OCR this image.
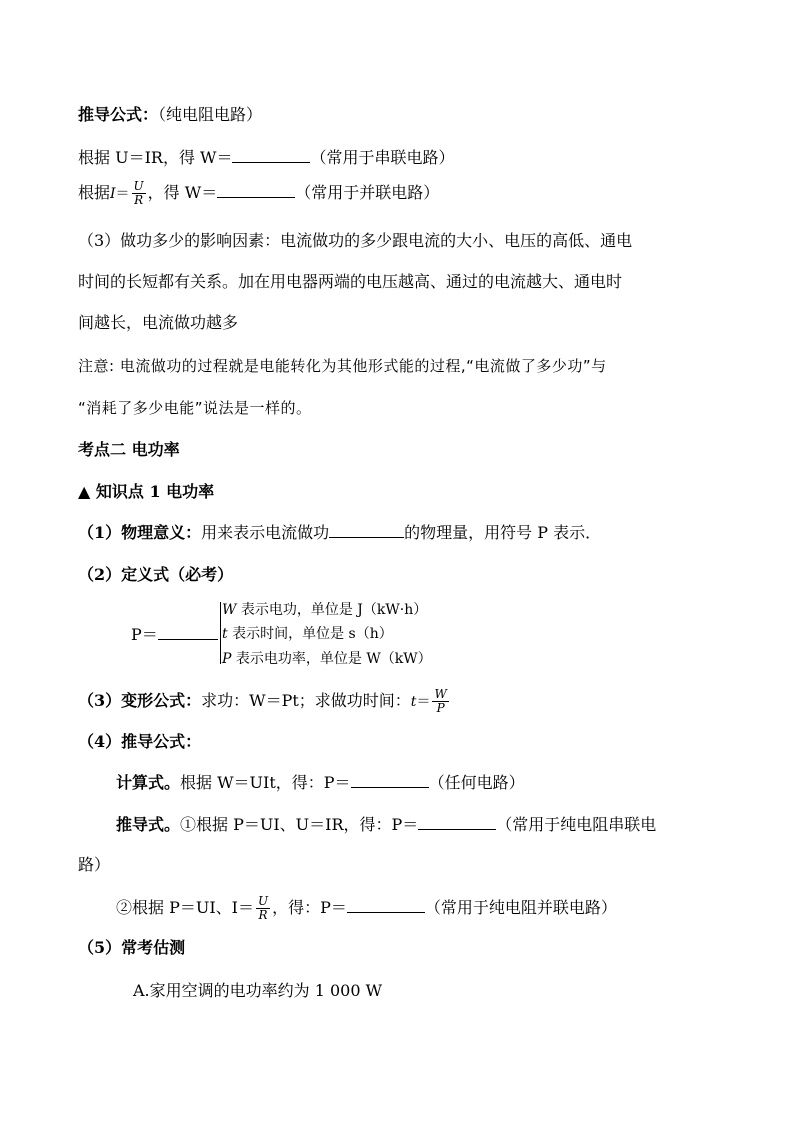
推导公式：（纯电阻电路）
根据 U＝IR，得 W＝	（常用于串联电路）
根据$I= \frac{U}{R}$ ，得 W＝	（常用于并联电路）
（3）做功多少的影响因素：电流做功的多少跟电流的大小、电压的高低、通电
时间的长短都有关系。加在用电器两端的电压越高、通过的电流越大、通电时
间越长，电流做功越多
注意: 电流做功的过程就是电能转化为其他形式能的过程,“电流做了多少功”与
“消耗了多少电能”说法是一样的。
考点二 电功率
▲ 知识点 1 电功率
（1）物理意义：用来表示电流做功	的物理量，用符号 P 表示．
（2）定义式（必考）
P＝
W 表示电功，单位是 J（kW·h）
t 表示时间，单位是 s（h）
P 表示电功率，单位是 W（kW）
（3）变形公式：求功：W＝Pt；求做功时间：$t= \frac{W}{P}$
（4）推导公式：
计算式。根据 W＝UIt，得：P＝	（任何电路）
推导式。①根据 P＝UI、U＝IR，得：P＝	（常用于纯电阻串联电
路）
②根据 P＝UI、$I= \frac{U}{R}$ ，得：P＝	（常用于纯电阻并联电路）
（5）常考估测
A.家用空调的电功率约为 1 000 W
